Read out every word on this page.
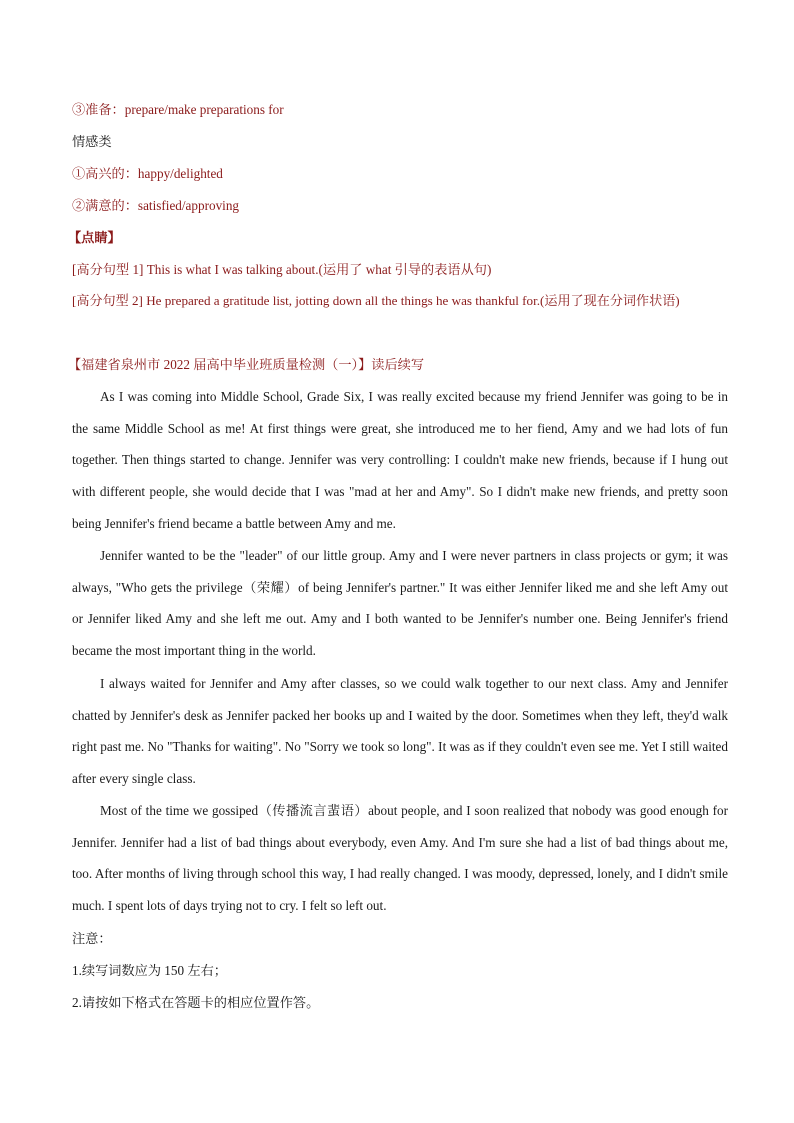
③准备：prepare/make preparations for
情感类
①高兴的：happy/delighted
②满意的：satisfied/approving
【点睛】
[高分句型 1] This is what I was talking about.(运用了 what 引导的表语从句)
[高分句型 2] He prepared a gratitude list, jotting down all the things he was thankful for.(运用了现在分词作状语)
【福建省泉州市 2022 届高中毕业班质量检测（一）】读后续写

As I was coming into Middle School, Grade Six, I was really excited because my friend Jennifer was going to be in the same Middle School as me! At first things were great, she introduced me to her fiend, Amy and we had lots of fun together. Then things started to change. Jennifer was very controlling: I couldn't make new friends, because if I hung out with different people, she would decide that I was "mad at her and Amy". So I didn't make new friends, and pretty soon being Jennifer's friend became a battle between Amy and me.

Jennifer wanted to be the "leader" of our little group. Amy and I were never partners in class projects or gym; it was always, "Who gets the privilege（荣耀）of being Jennifer's partner." It was either Jennifer liked me and she left Amy out or Jennifer liked Amy and she left me out. Amy and I both wanted to be Jennifer's number one. Being Jennifer's friend became the most important thing in the world.

I always waited for Jennifer and Amy after classes, so we could walk together to our next class. Amy and Jennifer chatted by Jennifer's desk as Jennifer packed her books up and I waited by the door. Sometimes when they left, they'd walk right past me. No "Thanks for waiting". No "Sorry we took so long". It was as if they couldn't even see me. Yet I still waited after every single class.

Most of the time we gossiped（传播流言蜚语）about people, and I soon realized that nobody was good enough for Jennifer. Jennifer had a list of bad things about everybody, even Amy. And I'm sure she had a list of bad things about me, too. After months of living through school this way, I had really changed. I was moody, depressed, lonely, and I didn't smile much. I spent lots of days trying not to cry. I felt so left out.

注意：
1.续写词数应为 150 左右；
2.请按如下格式在答题卡的相应位置作答。
